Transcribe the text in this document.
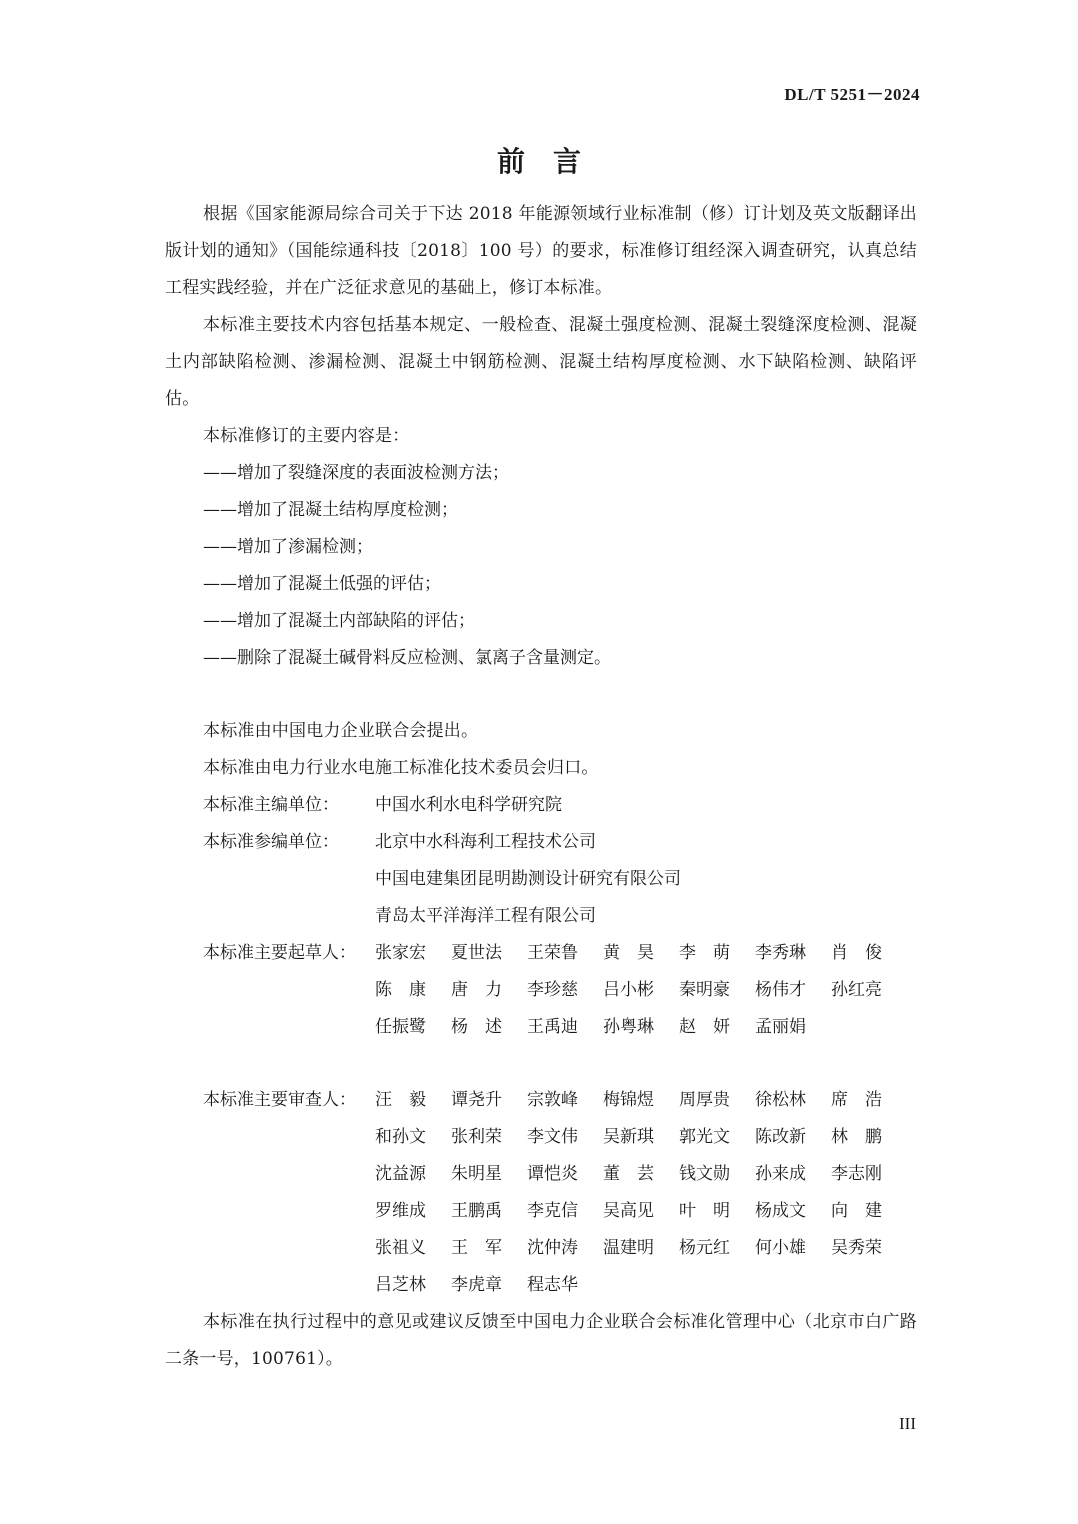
DL/T 5251－2024
前言

根据《国家能源局综合司关于下达 2018 年能源领域行业标准制（修）订计划及英文版翻译出版计划的通知》（国能综通科技〔2018〕100 号）的要求，标准修订组经深入调查研究，认真总结工程实践经验，并在广泛征求意见的基础上，修订本标准。

本标准主要技术内容包括基本规定、一般检查、混凝土强度检测、混凝土裂缝深度检测、混凝土内部缺陷检测、渗漏检测、混凝土中钢筋检测、混凝土结构厚度检测、水下缺陷检测、缺陷评估。

本标准修订的主要内容是：

——增加了裂缝深度的表面波检测方法；

——增加了混凝土结构厚度检测；

——增加了渗漏检测；

——增加了混凝土低强的评估；

——增加了混凝土内部缺陷的评估；

——删除了混凝土碱骨料反应检测、氯离子含量测定。

本标准由中国电力企业联合会提出。

本标准由电力行业水电施工标准化技术委员会归口。

本标准主编单位：	中国水利水电科学研究院
本标准参编单位：	北京中水科海利工程技术公司
中国电建集团昆明勘测设计研究有限公司
青岛太平洋海洋工程有限公司
本标准主要起草人：	张家宏	夏世法	王荣鲁	黄　昊	李　萌	李秀琳	肖　俊
陈　康	唐　力	李珍慈	吕小彬	秦明豪	杨伟才	孙红亮
任振鹭	杨　述	王禹迪	孙粤琳	赵　妍	孟丽娟
本标准主要审查人：	汪　毅	谭尧升	宗敦峰	梅锦煜	周厚贵	徐松林	席　浩
和孙文	张利荣	李文伟	吴新琪	郭光文	陈改新	林　鹏
沈益源	朱明星	谭恺炎	董　芸	钱文勋	孙来成	李志刚
罗维成	王鹏禹	李克信	吴高见	叶　明	杨成文	向　建
张祖义	王　军	沈仲涛	温建明	杨元红	何小雄	吴秀荣
吕芝林	李虎章	程志华

本标准在执行过程中的意见或建议反馈至中国电力企业联合会标准化管理中心（北京市白广路二条一号，100761）。

III
